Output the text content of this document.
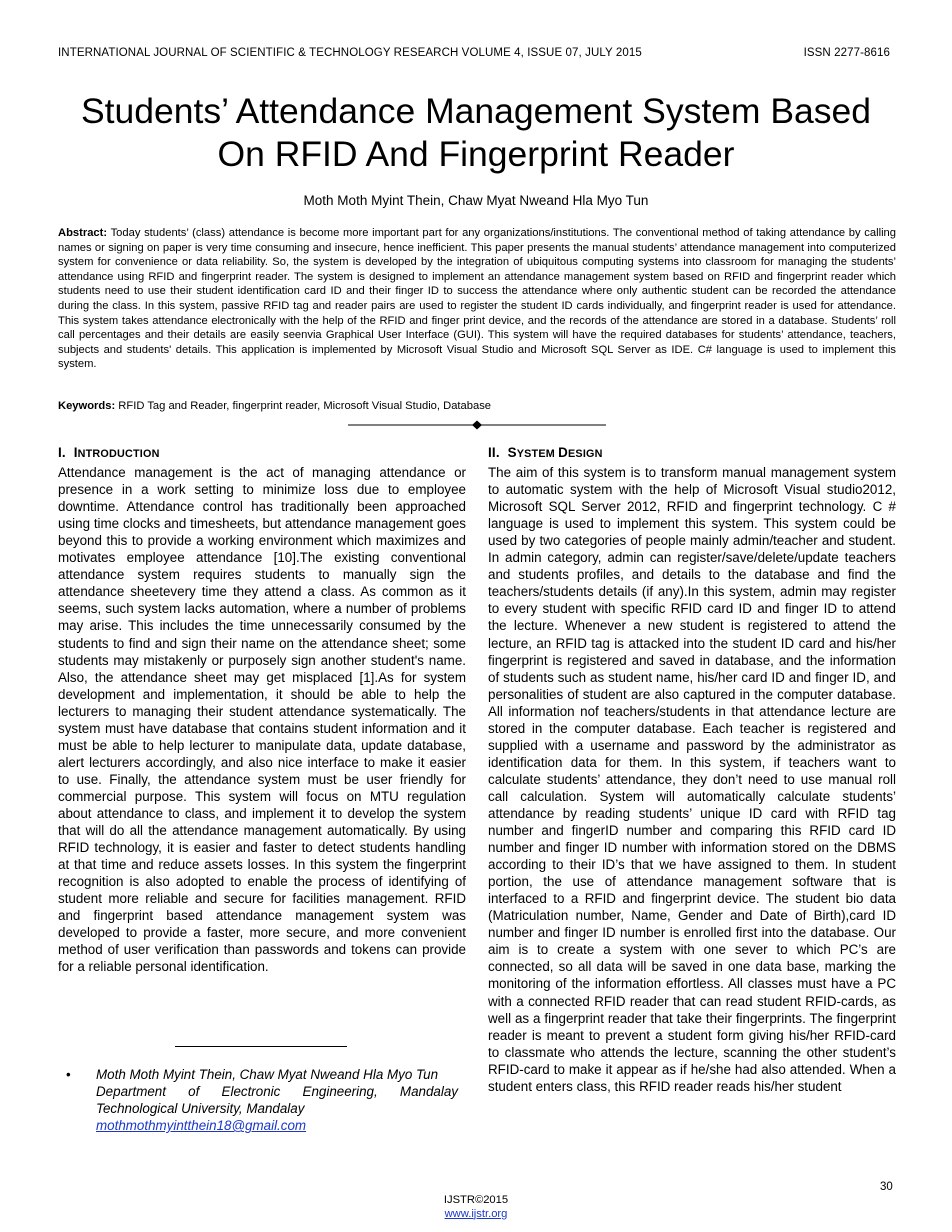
INTERNATIONAL JOURNAL OF SCIENTIFIC & TECHNOLOGY RESEARCH VOLUME 4, ISSUE 07, JULY 2015	ISSN 2277-8616
Students’ Attendance Management System Based
On RFID And Fingerprint Reader
Moth Moth Myint Thein, Chaw Myat Nweand Hla Myo Tun
Abstract: Today students’ (class) attendance is become more important part for any organizations/institutions. The conventional method of taking attendance by calling names or signing on paper is very time consuming and insecure, hence inefficient. This paper presents the manual students’ attendance management into computerized system for convenience or data reliability. So, the system is developed by the integration of ubiquitous computing systems into classroom for managing the students’ attendance using RFID and fingerprint reader. The system is designed to implement an attendance management system based on RFID and fingerprint reader which students need to use their student identification card ID and their finger ID to success the attendance where only authentic student can be recorded the attendance during the class. In this system, passive RFID tag and reader pairs are used to register the student ID cards individually, and fingerprint reader is used for attendance. This system takes attendance electronically with the help of the RFID and finger print device, and the records of the attendance are stored in a database. Students’ roll call percentages and their details are easily seenvia Graphical User Interface (GUI). This system will have the required databases for students’ attendance, teachers, subjects and students' details. This application is implemented by Microsoft Visual Studio and Microsoft SQL Server as IDE. C# language is used to implement this system.
Keywords: RFID Tag and Reader, fingerprint reader, Microsoft Visual Studio, Database
I. INTRODUCTION

Attendance management is the act of managing attendance or presence in a work setting to minimize loss due to employee downtime. Attendance control has traditionally been approached using time clocks and timesheets, but attendance management goes beyond this to provide a working environment which maximizes and motivates employee attendance [10].The existing conventional attendance system requires students to manually sign the attendance sheetevery time they attend a class. As common as it seems, such system lacks automation, where a number of problems may arise. This includes the time unnecessarily consumed by the students to find and sign their name on the attendance sheet; some students may mistakenly or purposely sign another student's name. Also, the attendance sheet may get misplaced [1].As for system development and implementation, it should be able to help the lecturers to managing their student attendance systematically. The system must have database that contains student information and it must be able to help lecturer to manipulate data, update database, alert lecturers accordingly, and also nice interface to make it easier to use. Finally, the attendance system must be user friendly for commercial purpose. This system will focus on MTU regulation about attendance to class, and implement it to develop the system that will do all the attendance management automatically. By using RFID technology, it is easier and faster to detect students handling at that time and reduce assets losses. In this system the fingerprint recognition is also adopted to enable the process of identifying of student more reliable and secure for facilities management. RFID and fingerprint based attendance management system was developed to provide a faster, more secure, and more convenient method of user verification than passwords and tokens can provide for a reliable personal identification.

II. SYSTEM DESIGN

The aim of this system is to transform manual management system to automatic system with the help of Microsoft Visual studio2012, Microsoft SQL Server 2012, RFID and fingerprint technology. C # language is used to implement this system. This system could be used by two categories of people mainly admin/teacher and student. In admin category, admin can register/save/delete/update teachers and students profiles, and details to the database and find the teachers/students details (if any).In this system, admin may register to every student with specific RFID card ID and finger ID to attend the lecture. Whenever a new student is registered to attend the lecture, an RFID tag is attacked into the student ID card and his/her fingerprint is registered and saved in database, and the information of students such as student name, his/her card ID and finger ID, and personalities of student are also captured in the computer database. All information nof teachers/students in that attendance lecture are stored in the computer database. Each teacher is registered and supplied with a username and password by the administrator as identification data for them. In this system, if teachers want to calculate students’ attendance, they don’t need to use manual roll call calculation. System will automatically calculate students’ attendance by reading students’ unique ID card with RFID tag number and fingerID number and comparing this RFID card ID number and finger ID number with information stored on the DBMS according to their ID’s that we have assigned to them. In student portion, the use of attendance management software that is interfaced to a RFID and fingerprint device. The student bio data (Matriculation number, Name, Gender and Date of Birth),card ID number and finger ID number is enrolled first into the database. Our aim is to create a system with one sever to which PC’s are connected, so all data will be saved in one data base, marking the monitoring of the information effortless. All classes must have a PC with a connected RFID reader that can read student RFID-cards, as well as a fingerprint reader that take their fingerprints. The fingerprint reader is meant to prevent a student form giving his/her RFID-card to classmate who attends the lecture, scanning the other student’s RFID-card to make it appear as if he/she had also attended. When a student enters class, this RFID reader reads his/her student

• Moth Moth Myint Thein, Chaw Myat Nweand Hla Myo Tun
Department of Electronic Engineering, Mandalay Technological University, Mandalay
mothmothmyintthein18@gmail.com
30
IJSTR©2015
www.ijstr.org
